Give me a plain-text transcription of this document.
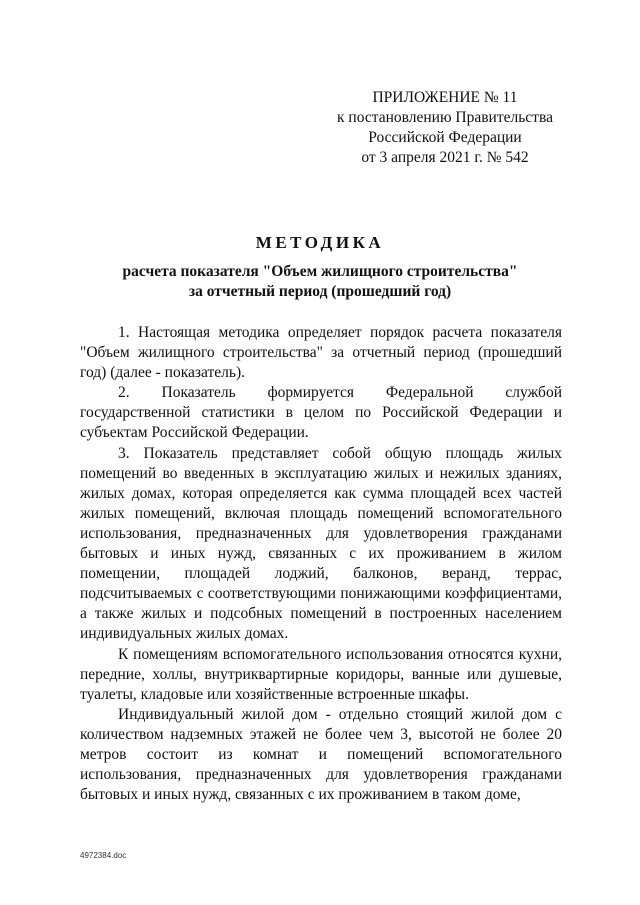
ПРИЛОЖЕНИЕ № 11
к постановлению Правительства
Российской Федерации
от 3 апреля 2021 г. № 542
МЕТОДИКА
расчета показателя "Объем жилищного строительства"
за отчетный период (прошедший год)

1. Настоящая методика определяет порядок расчета показателя "Объем жилищного строительства" за отчетный период (прошедший год) (далее - показатель).

2. Показатель формируется Федеральной службой государственной статистики в целом по Российской Федерации и субъектам Российской Федерации.

3. Показатель представляет собой общую площадь жилых помещений во введенных в эксплуатацию жилых и нежилых зданиях, жилых домах, которая определяется как сумма площадей всех частей жилых помещений, включая площадь помещений вспомогательного использования, предназначенных для удовлетворения гражданами бытовых и иных нужд, связанных с их проживанием в жилом помещении, площадей лоджий, балконов, веранд, террас, подсчитываемых с соответствующими понижающими коэффициентами, а также жилых и подсобных помещений в построенных населением индивидуальных жилых домах.

К помещениям вспомогательного использования относятся кухни, передние, холлы, внутриквартирные коридоры, ванные или душевые, туалеты, кладовые или хозяйственные встроенные шкафы.

Индивидуальный жилой дом - отдельно стоящий жилой дом с количеством надземных этажей не более чем 3, высотой не более 20 метров состоит из комнат и помещений вспомогательного использования, предназначенных для удовлетворения гражданами бытовых и иных нужд, связанных с их проживанием в таком доме,

4972384.doc
